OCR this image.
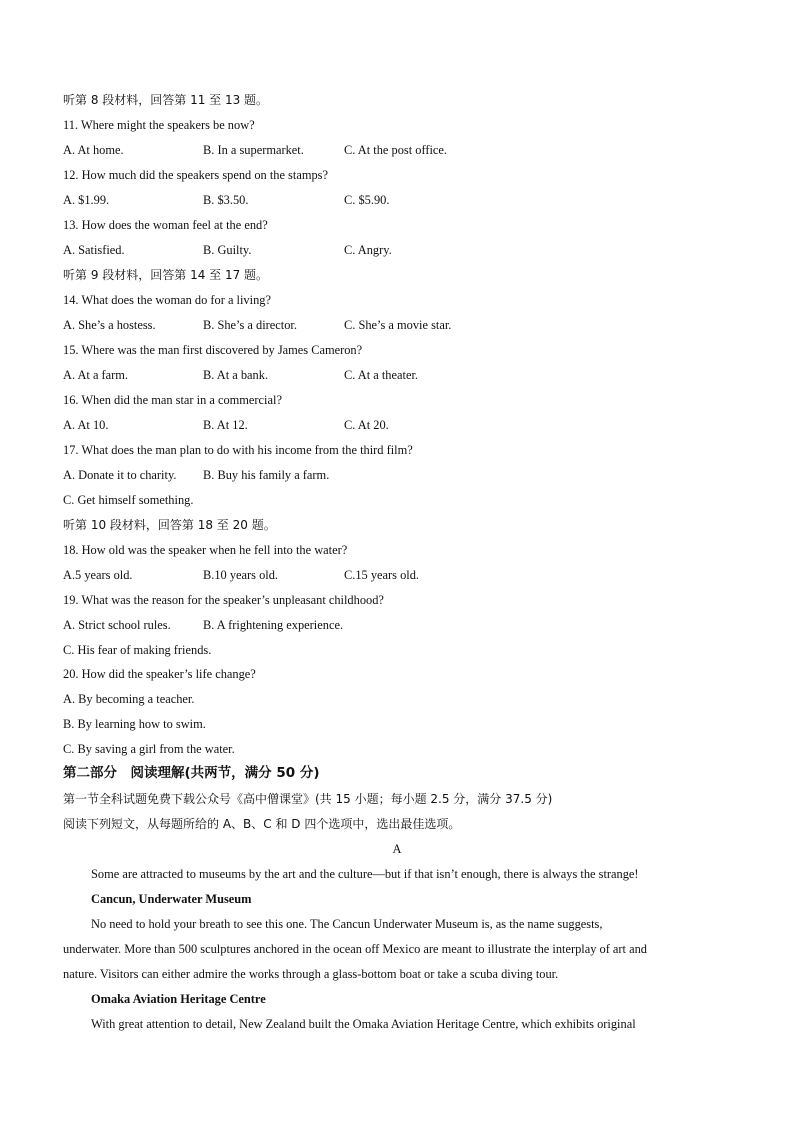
听第 8 段材料，回答第 11 至 13 题。
11. Where might the speakers be now?
A. At home.	B. In a supermarket.	C. At the post office.
12. How much did the speakers spend on the stamps?
A. $1.99.	B. $3.50.	C. $5.90.
13. How does the woman feel at the end?
A. Satisfied.	B. Guilty.	C. Angry.
听第 9 段材料，回答第 14 至 17 题。
14. What does the woman do for a living?
A. She’s a hostess.	B. She’s a director.	C. She’s a movie star.
15. Where was the man first discovered by James Cameron?
A. At a farm.	B. At a bank.	C. At a theater.
16. When did the man star in a commercial?
A. At 10.	B. At 12.	C. At 20.
17. What does the man plan to do with his income from the third film?
A. Donate it to charity. B. Buy his family a farm.
C. Get himself something.
听第 10 段材料，回答第 18 至 20 题。
18. How old was the speaker when he fell into the water?
A.5 years old.	B.10 years old.	C.15 years old.
19. What was the reason for the speaker’s unpleasant childhood?
A. Strict school rules.	B. A frightening experience.
C. His fear of making friends.
20. How did the speaker’s life change?
A. By becoming a teacher.
B. By learning how to swim.
C. By saving a girl from the water.
第二部分　阅读理解(共两节，满分 50 分)
第一节全科试题免费下载公众号《高中僧课堂》(共 15 小题；每小题 2.5 分，满分 37.5 分)
阅读下列短文，从每题所给的 A、B、C 和 D 四个选项中，选出最佳选项。
A
Some are attracted to museums by the art and the culture—but if that isn’t enough, there is always the strange!
Cancun, Underwater Museum
No need to hold your breath to see this one. The Cancun Underwater Museum is, as the name suggests,
underwater. More than 500 sculptures anchored in the ocean off Mexico are meant to illustrate the interplay of art and
nature. Visitors can either admire the works through a glass-bottom boat or take a scuba diving tour.
Omaka Aviation Heritage Centre
With great attention to detail, New Zealand built the Omaka Aviation Heritage Centre, which exhibits original
